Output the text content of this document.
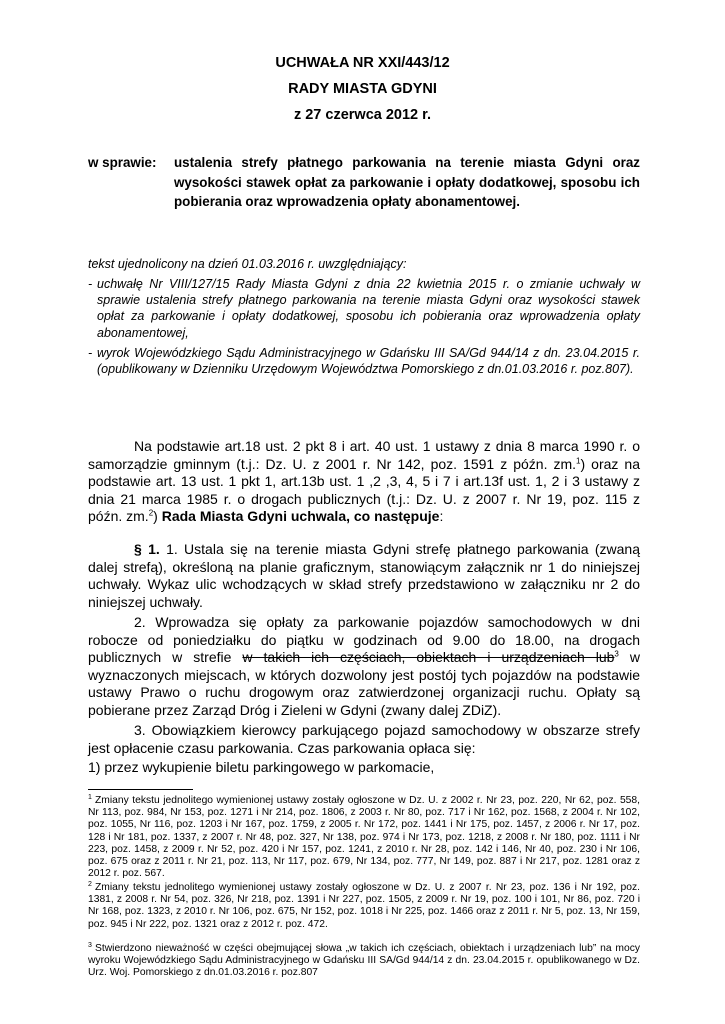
UCHWAŁA NR XXI/443/12
RADY MIASTA GDYNI
z 27 czerwca 2012 r.
w sprawie: ustalenia strefy płatnego parkowania na terenie miasta Gdyni oraz wysokości stawek opłat za parkowanie i opłaty dodatkowej, sposobu ich pobierania oraz wprowadzenia opłaty abonamentowej.
tekst ujednolicony na dzień 01.03.2016 r. uwzględniający:
- uchwałę Nr VIII/127/15 Rady Miasta Gdyni z dnia 22 kwietnia 2015 r. o zmianie uchwały w sprawie ustalenia strefy płatnego parkowania na terenie miasta Gdyni oraz wysokości stawek opłat za parkowanie i opłaty dodatkowej, sposobu ich pobierania oraz wprowadzenia opłaty abonamentowej,
- wyrok Wojewódzkiego Sądu Administracyjnego w Gdańsku III SA/Gd 944/14 z dn. 23.04.2015 r. (opublikowany w Dzienniku Urzędowym Województwa Pomorskiego z dn.01.03.2016 r. poz.807).
Na podstawie art.18 ust. 2 pkt 8 i art. 40 ust. 1 ustawy z dnia 8 marca 1990 r. o samorządzie gminnym (t.j.: Dz. U. z 2001 r. Nr 142, poz. 1591 z późn. zm.$^1$) oraz na podstawie art. 13 ust. 1 pkt 1, art.13b ust. 1 ,2 ,3, 4, 5 i 7 i art.13f ust. 1, 2 i 3 ustawy z dnia 21 marca 1985 r. o drogach publicznych (t.j.: Dz. U. z 2007 r. Nr 19, poz. 115 z późn. zm.$^2$) Rada Miasta Gdyni uchwala, co następuje:
§ 1. 1. Ustala się na terenie miasta Gdyni strefę płatnego parkowania (zwaną dalej strefą), określoną na planie graficznym, stanowiącym załącznik nr 1 do niniejszej uchwały. Wykaz ulic wchodzących w skład strefy przedstawiono w załączniku nr 2 do niniejszej uchwały.
2. Wprowadza się opłaty za parkowanie pojazdów samochodowych w dni robocze od poniedziałku do piątku w godzinach od 9.00 do 18.00, na drogach publicznych w strefie w takich ich częściach, obiektach i urządzeniach lub$^3$ w wyznaczonych miejscach, w których dozwolony jest postój tych pojazdów na podstawie ustawy Prawo o ruchu drogowym oraz zatwierdzonej organizacji ruchu. Opłaty są pobierane przez Zarząd Dróg i Zieleni w Gdyni (zwany dalej ZDiZ).
3. Obowiązkiem kierowcy parkującego pojazd samochodowy w obszarze strefy jest opłacenie czasu parkowania. Czas parkowania opłaca się:
1) przez wykupienie biletu parkingowego w parkomacie,
1 Zmiany tekstu jednolitego wymienionej ustawy zostały ogłoszone w Dz. U. z 2002 r. Nr 23, poz. 220, Nr 62, poz. 558, Nr 113, poz. 984, Nr 153, poz. 1271 i Nr 214, poz. 1806, z 2003 r. Nr 80, poz. 717 i Nr 162, poz. 1568, z 2004 r. Nr 102, poz. 1055, Nr 116, poz. 1203 i Nr 167, poz. 1759, z 2005 r. Nr 172, poz. 1441 i Nr 175, poz. 1457, z 2006 r. Nr 17, poz. 128 i Nr 181, poz. 1337, z 2007 r. Nr 48, poz. 327, Nr 138, poz. 974 i Nr 173, poz. 1218, z 2008 r. Nr 180, poz. 1111 i Nr 223, poz. 1458, z 2009 r. Nr 52, poz. 420 i Nr 157, poz. 1241, z 2010 r. Nr 28, poz. 142 i 146, Nr 40, poz. 230 i Nr 106, poz. 675 oraz z 2011 r. Nr 21, poz. 113, Nr 117, poz. 679, Nr 134, poz. 777, Nr 149, poz. 887 i Nr 217, poz. 1281 oraz z 2012 r. poz. 567.
2 Zmiany tekstu jednolitego wymienionej ustawy zostały ogłoszone w Dz. U. z 2007 r. Nr 23, poz. 136 i Nr 192, poz. 1381, z 2008 r. Nr 54, poz. 326, Nr 218, poz. 1391 i Nr 227, poz. 1505, z 2009 r. Nr 19, poz. 100 i 101, Nr 86, poz. 720 i Nr 168, poz. 1323, z 2010 r. Nr 106, poz. 675, Nr 152, poz. 1018 i Nr 225, poz. 1466 oraz z 2011 r. Nr 5, poz. 13, Nr 159, poz. 945 i Nr 222, poz. 1321 oraz z 2012 r. poz. 472.
3 Stwierdzono nieważność w części obejmującej słowa „w takich ich częściach, obiektach i urządzeniach lub” na mocy wyroku Wojewódzkiego Sądu Administracyjnego w Gdańsku III SA/Gd 944/14 z dn. 23.04.2015 r. opublikowanego w Dz. Urz. Woj. Pomorskiego z dn.01.03.2016 r. poz.807
